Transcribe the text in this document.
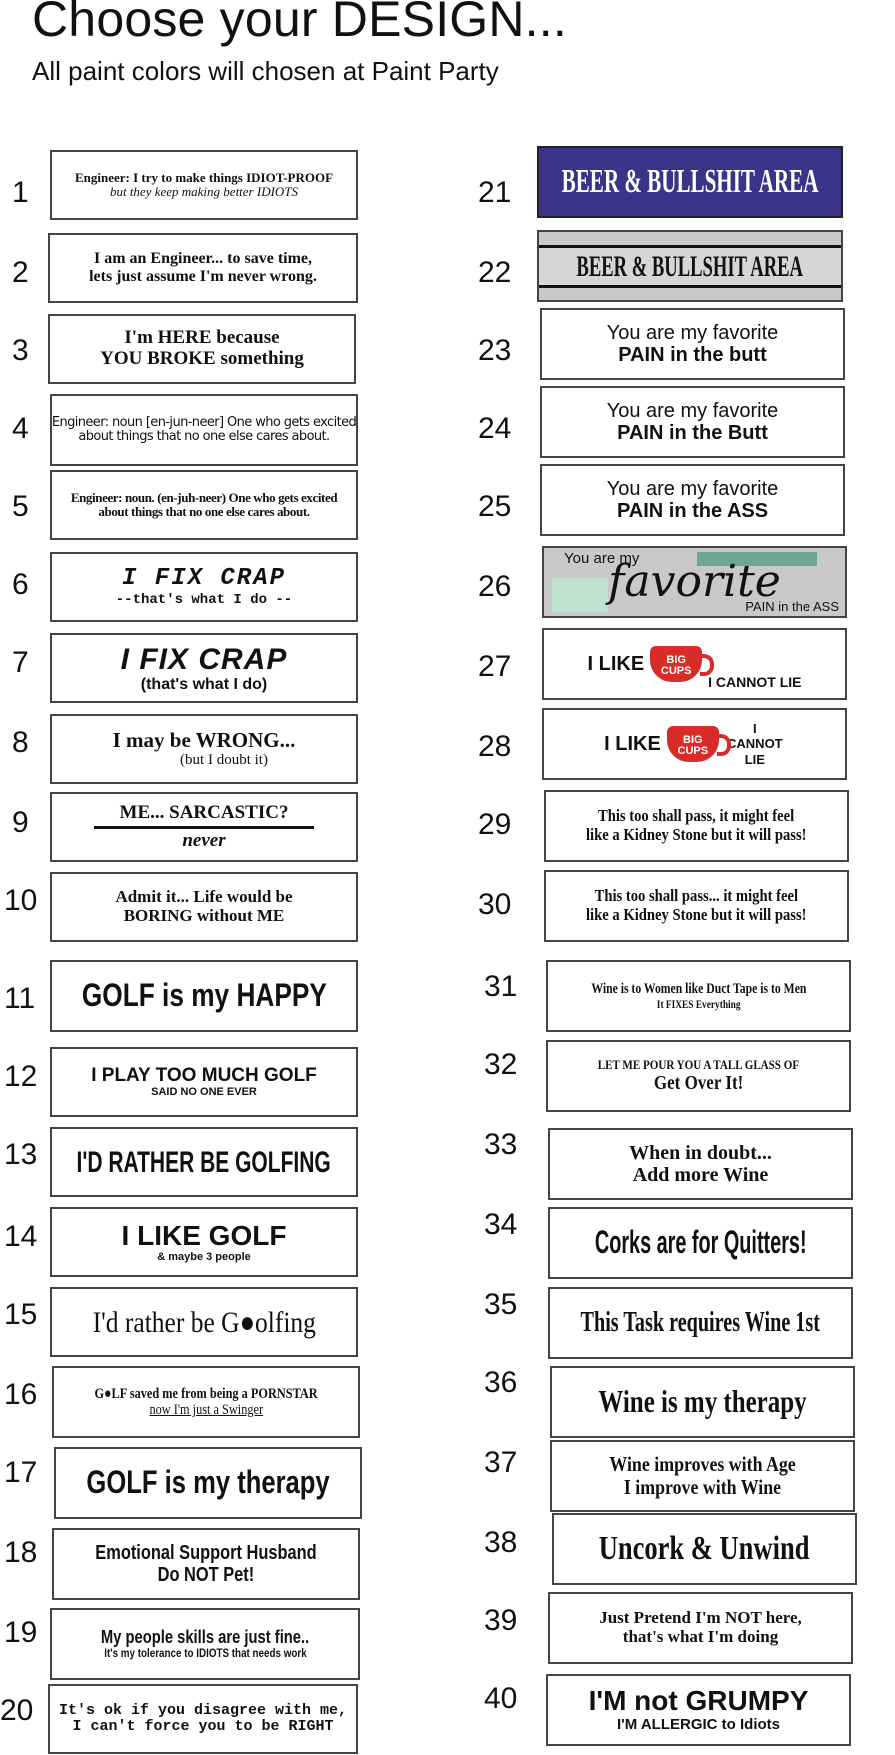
Choose your DESIGN...
All paint colors will chosen at Paint Party
1	Engineer: I try to make things IDIOT-PROOF
but they keep making better IDIOTS
2	I am an Engineer... to save time,
lets just assume I'm never wrong.
3	I'm HERE because
YOU BROKE something
4 Engineer: noun [en-jun-neer] One who gets excited
about things that no one else cares about.
5	Engineer: noun. (en-juh-neer) One who gets excited
about things that no one else cares about.
6	I FIX CRAP
--that's what I do --
7	I FIX CRAP
(that's what I do)
8	I may be WRONG...
(but I doubt it)
9	ME... SARCASTIC?
never
10	Admit it... Life would be
BORING without ME
11 GOLF is my HAPPY
12	I PLAY TOO MUCH GOLF
SAID NO ONE EVER
13 I'D RATHER BE GOLFING
14	I LIKE GOLF
& maybe 3 people
15 I'd rather be G●olfing
16	G●LF saved me from being a PORNSTAR
now I'm just a Swinger
17 GOLF is my therapy
18	Emotional Support Husband
Do NOT Pet!
19	My people skills are just fine..
It's my tolerance to IDIOTS that needs work
20 It's ok if you disagree with me,
I can't force you to be RIGHT
21 BEER & BULLSHIT AREA
22 BEER & BULLSHIT AREA
23
You are my favorite
PAIN in the butt
24
You are my favorite
PAIN in the Butt
25
You are my favorite
PAIN in the ASS
26
You are my
favorite
PAIN in the ASS
27	I LIKE	BIG CUPS
I CANNOT LIE
28	I LIKE	BIG CUPS
I CANNOT LIE
29	This too shall pass, it might feel
like a Kidney Stone but it will pass!
30	This too shall pass... it might feel
like a Kidney Stone but it will pass!
31	Wine is to Women like Duct Tape is to Men
It FIXES Everything
32	LET ME POUR YOU A TALL GLASS OF
Get Over It!
33	When in doubt...
Add more Wine
34 Corks are for Quitters!
35
This Task requires Wine 1st
36
Wine is my therapy
37	Wine improves with Age
I improve with Wine
38 Uncork & Unwind
39	Just Pretend I'm NOT here,
that's what I'm doing
40	I'M not GRUMPY
I'M ALLERGIC to Idiots
